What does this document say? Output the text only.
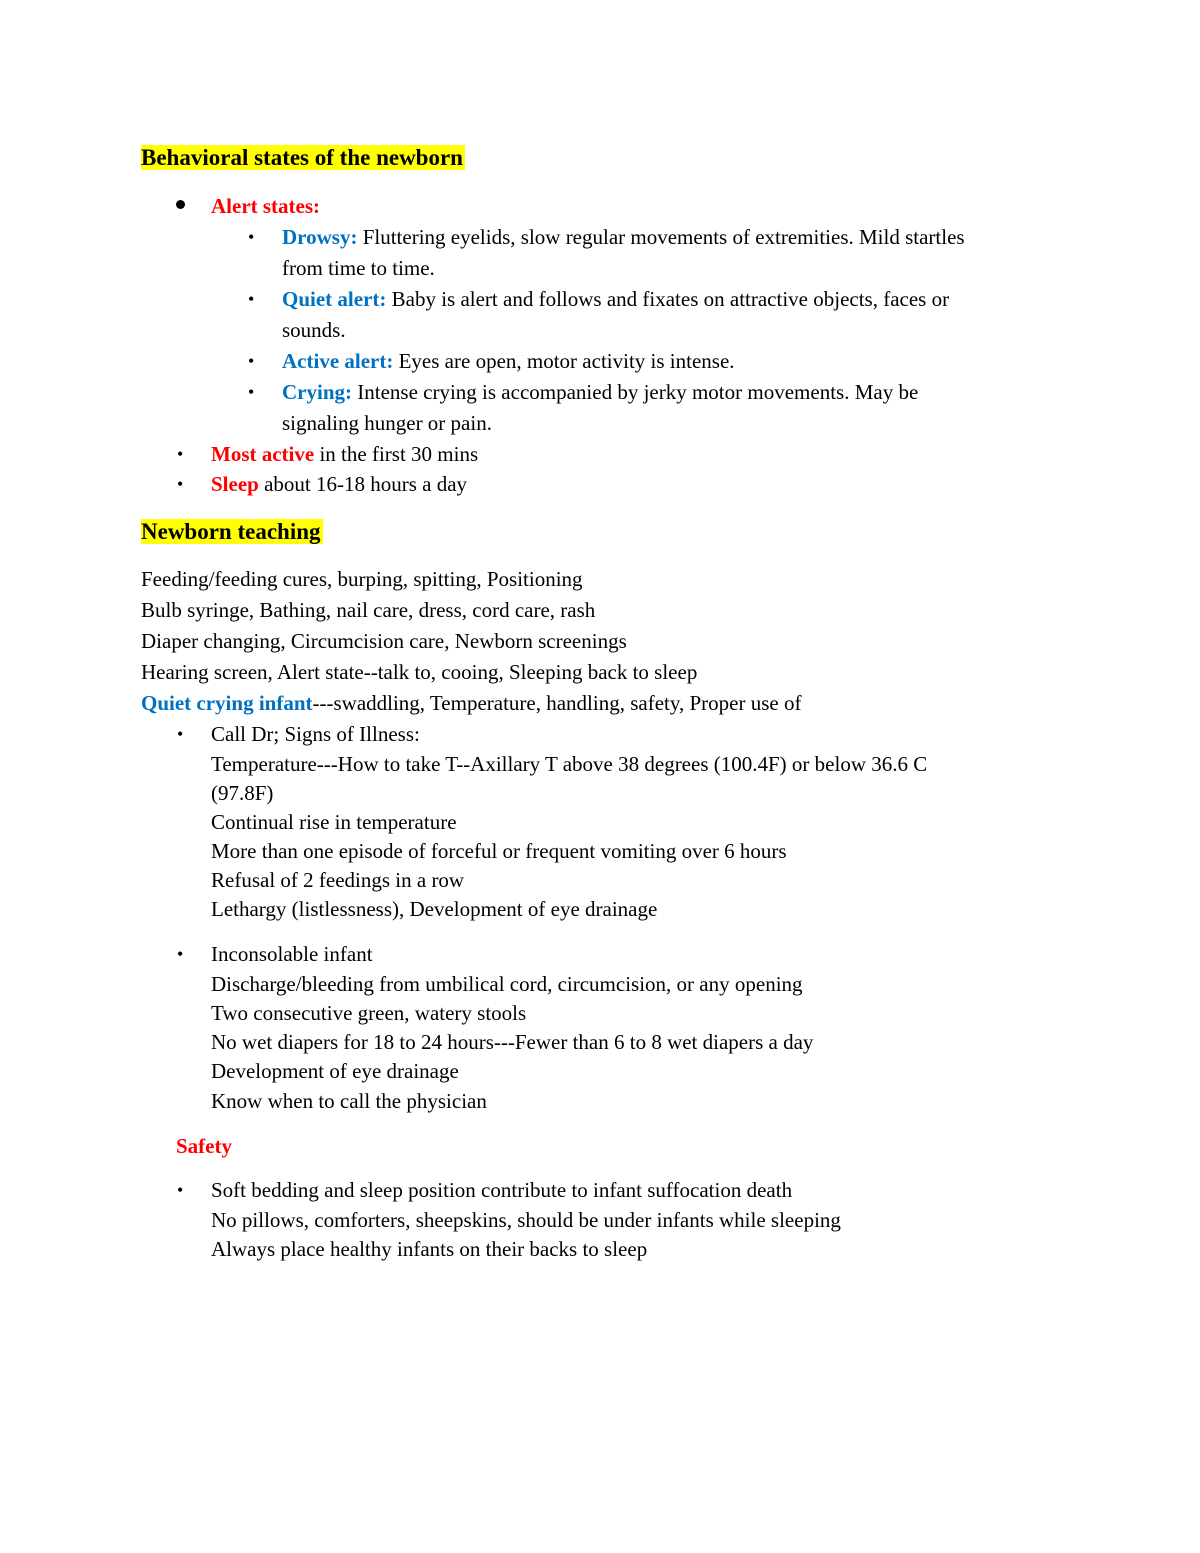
Behavioral states of the newborn
Alert states:
• Drowsy: Fluttering eyelids, slow regular movements of extremities. Mild startles
from time to time.
• Quiet alert: Baby is alert and follows and fixates on attractive objects, faces or
sounds.
• Active alert: Eyes are open, motor activity is intense.
• Crying: Intense crying is accompanied by jerky motor movements. May be
signaling hunger or pain.
• Most active in the first 30 mins
• Sleep about 16-18 hours a day
Newborn teaching
Feeding/feeding cures, burping, spitting, Positioning
Bulb syringe, Bathing, nail care, dress, cord care, rash
Diaper changing, Circumcision care, Newborn screenings
Hearing screen, Alert state--talk to, cooing, Sleeping back to sleep
Quiet crying infant---swaddling, Temperature, handling, safety, Proper use of
• Call Dr; Signs of Illness:
Temperature---How to take T--Axillary T above 38 degrees (100.4F) or below 36.6 C
(97.8F)
Continual rise in temperature
More than one episode of forceful or frequent vomiting over 6 hours
Refusal of 2 feedings in a row
Lethargy (listlessness), Development of eye drainage
• Inconsolable infant
Discharge/bleeding from umbilical cord, circumcision, or any opening
Two consecutive green, watery stools
No wet diapers for 18 to 24 hours---Fewer than 6 to 8 wet diapers a day
Development of eye drainage
Know when to call the physician
Safety
• Soft bedding and sleep position contribute to infant suffocation death
No pillows, comforters, sheepskins, should be under infants while sleeping
Always place healthy infants on their backs to sleep
